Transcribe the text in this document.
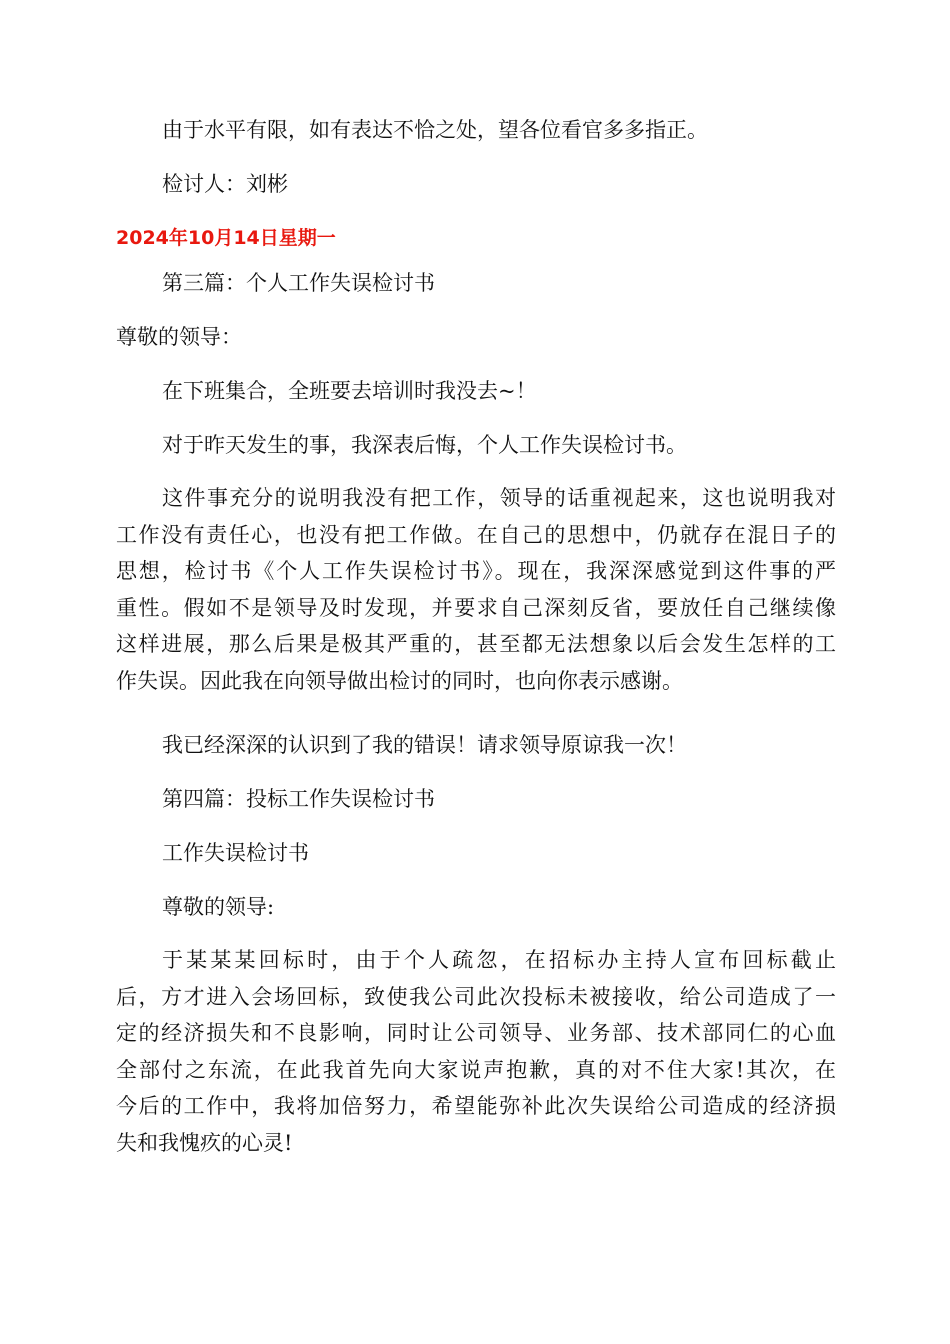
由于水平有限，如有表达不恰之处，望各位看官多多指正。
检讨人：刘彬
2024年10月14日星期一
第三篇：个人工作失误检讨书
尊敬的领导：
在下班集合，全班要去培训时我没去~！
对于昨天发生的事，我深表后悔，个人工作失误检讨书。
这件事充分的说明我没有把工作，领导的话重视起来，这也说明我对
工作没有责任心，也没有把工作做。在自己的思想中，仍就存在混日子的
思想，检讨书《个人工作失误检讨书》。现在，我深深感觉到这件事的严
重性。假如不是领导及时发现，并要求自己深刻反省，要放任自己继续像
这样进展，那么后果是极其严重的，甚至都无法想象以后会发生怎样的工
作失误。因此我在向领导做出检讨的同时，也向你表示感谢。
我已经深深的认识到了我的错误！请求领导原谅我一次！
第四篇：投标工作失误检讨书
工作失误检讨书
尊敬的领导:
于某某某回标时，由于个人疏忽，在招标办主持人宣布回标截止
后，方才进入会场回标，致使我公司此次投标未被接收，给公司造成了一
定的经济损失和不良影响，同时让公司领导、业务部、技术部同仁的心血
全部付之东流，在此我首先向大家说声抱歉，真的对不住大家!其次，在
今后的工作中，我将加倍努力，希望能弥补此次失误给公司造成的经济损
失和我愧疚的心灵!
